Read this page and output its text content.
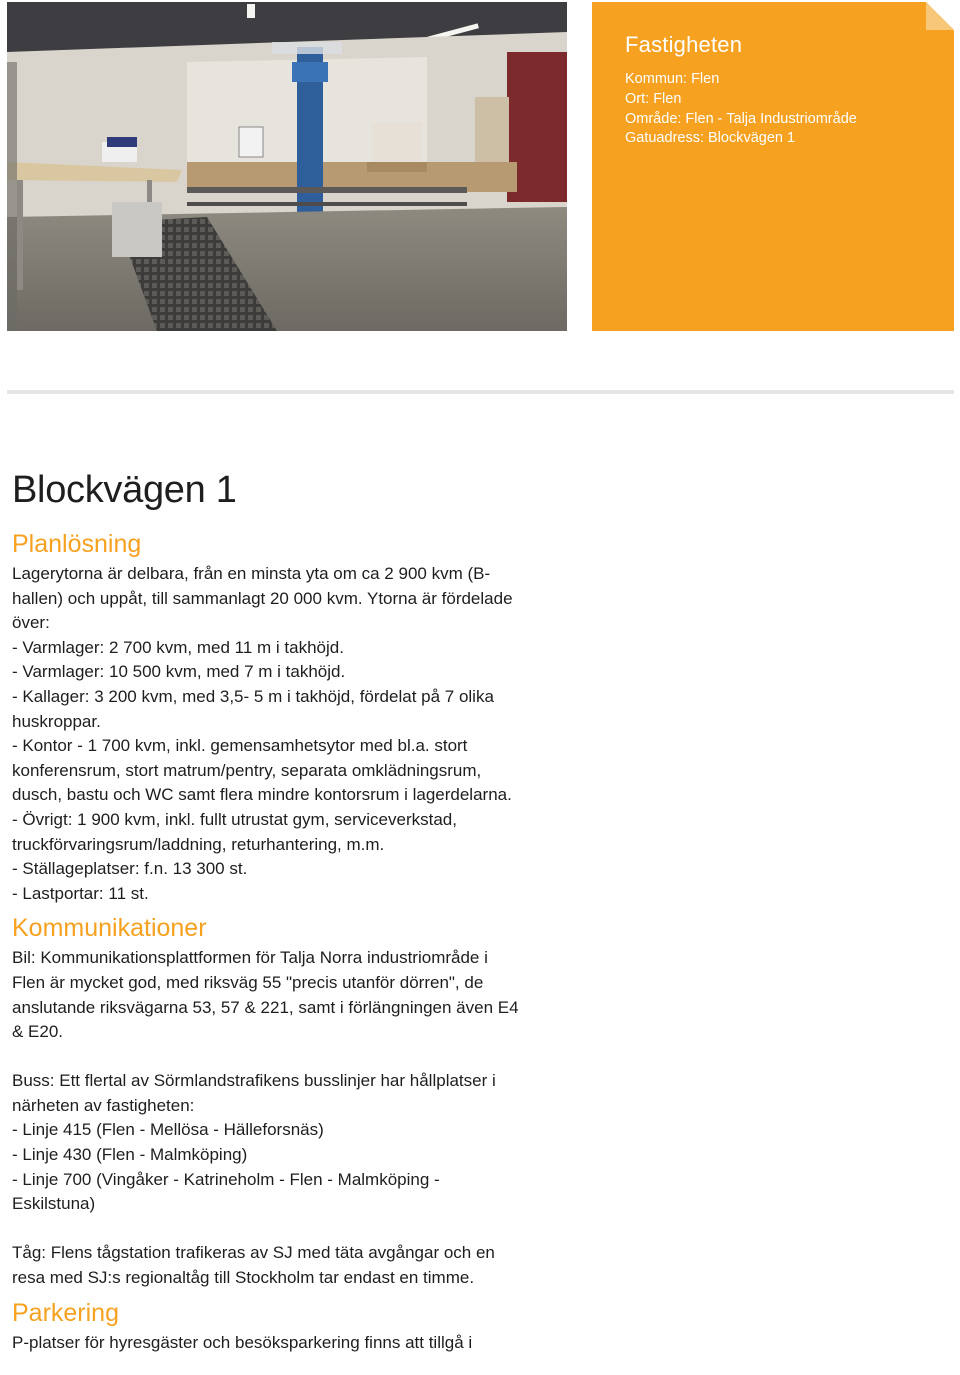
Fastigheten
Kommun: Flen
Ort: Flen
Område: Flen - Talja Industriområde
Gatuadress: Blockvägen 1
Blockvägen 1
Planlösning

Lagerytorna är delbara, från en minsta yta om ca 2 900 kvm (B-
hallen) och uppåt, till sammanlagt 20 000 kvm. Ytorna är fördelade
över:
- Varmlager: 2 700 kvm, med 11 m i takhöjd.
- Varmlager: 10 500 kvm, med 7 m i takhöjd.
- Kallager: 3 200 kvm, med 3,5- 5 m i takhöjd, fördelat på 7 olika
huskroppar.
- Kontor - 1 700 kvm, inkl. gemensamhetsytor med bl.a. stort
konferensrum, stort matrum/pentry, separata omklädningsrum,
dusch, bastu och WC samt flera mindre kontorsrum i lagerdelarna.
- Övrigt: 1 900 kvm, inkl. fullt utrustat gym, serviceverkstad,
truckförvaringsrum/laddning, returhantering, m.m.
- Ställageplatser: f.n. 13 300 st.
- Lastportar: 11 st.

Kommunikationer

Bil: Kommunikationsplattformen för Talja Norra industriområde i
Flen är mycket god, med riksväg 55 "precis utanför dörren", de
anslutande riksvägarna 53, 57 & 221, samt i förlängningen även E4
& E20.

Buss: Ett flertal av Sörmlandstrafikens busslinjer har hållplatser i
närheten av fastigheten:
- Linje 415 (Flen - Mellösa - Hälleforsnäs)
- Linje 430 (Flen - Malmköping)
- Linje 700 (Vingåker - Katrineholm - Flen - Malmköping -
Eskilstuna)

Tåg: Flens tågstation trafikeras av SJ med täta avgångar och en
resa med SJ:s regionaltåg till Stockholm tar endast en timme.

Parkering

P-platser för hyresgäster och besöksparkering finns att tillgå i
